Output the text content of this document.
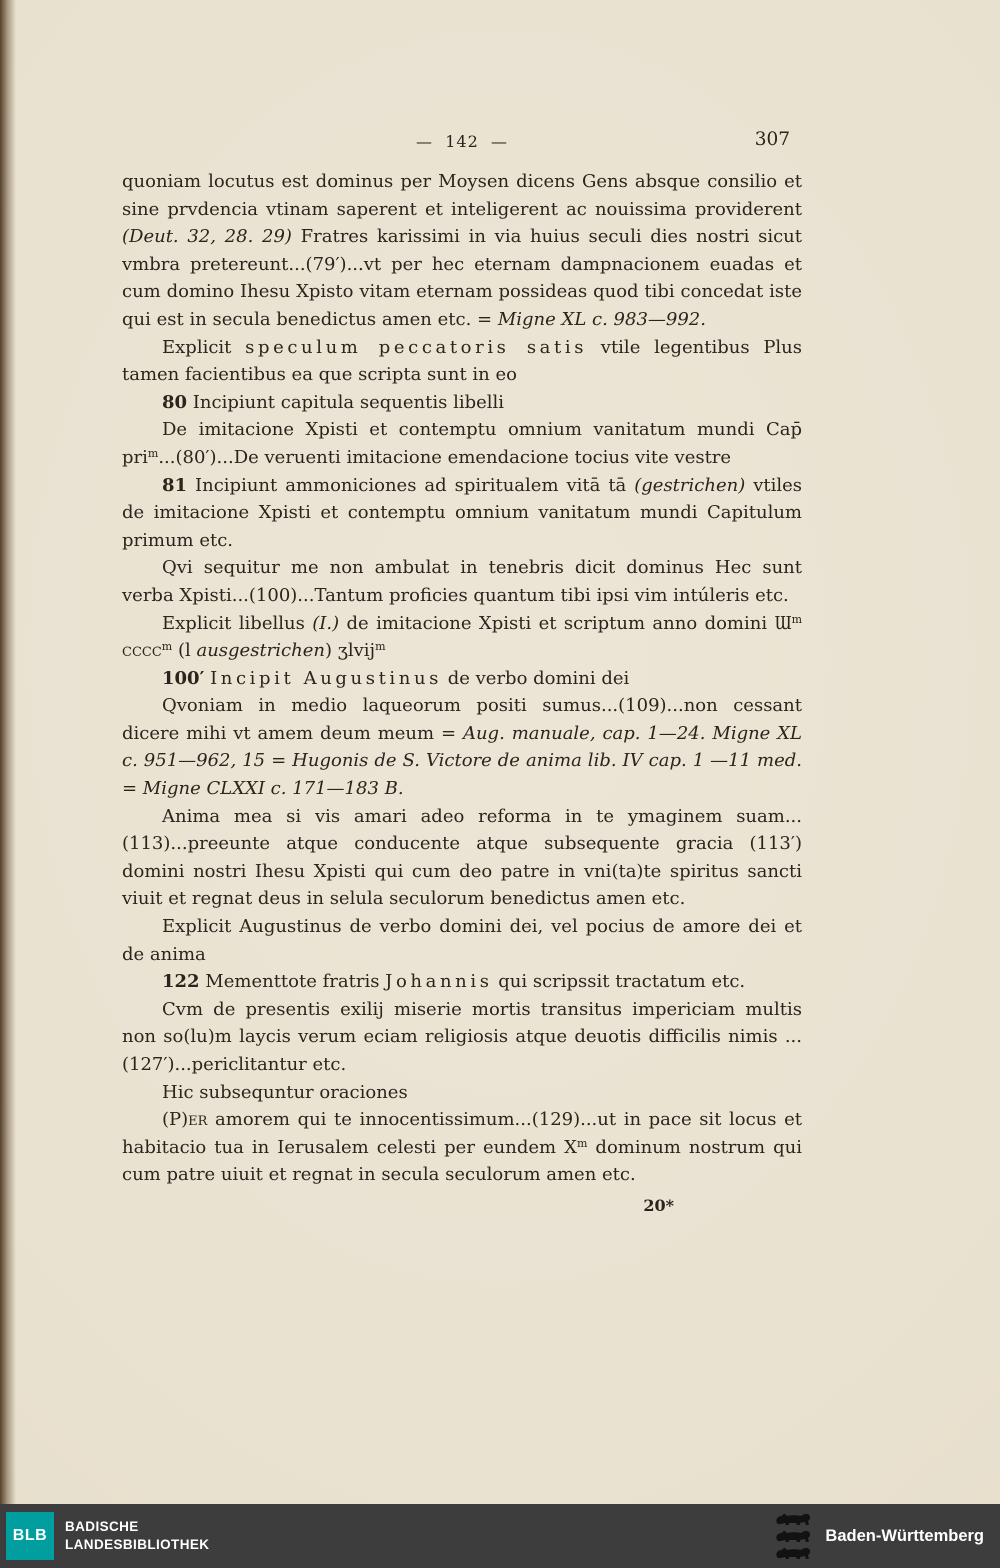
—  142  —	307

quoniam locutus est dominus per Moysen dicens Gens absque consilio et sine prvdencia vtinam saperent et inteligerent ac nouissima providerent (Deut. 32, 28. 29) Fratres karissimi in via huius seculi dies nostri sicut vmbra pretereunt...(79′)...vt per hec eternam dampnacionem euadas et cum domino Ihesu Xpisto vitam eternam possideas quod tibi concedat iste qui est in secula benedictus amen etc. = Migne XL c. 983—992.

Explicit speculum peccatoris satis vtile legentibus Plus tamen facientibus ea que scripta sunt in eo

80 Incipiunt capitula sequentis libelli

De imitacione Xpisti et contemptu omnium vanitatum mundi Cap̄ pri$^m$...(80′)...De veruenti imitacione emendacione tocius vite vestre

81 Incipiunt ammoniciones ad spiritualem vitā tā (gestrichen) vtiles de imitacione Xpisti et contemptu omnium vanitatum mundi Capitulum primum etc.

Qvi sequitur me non ambulat in tenebris dicit dominus Hec sunt verba Xpisti...(100)...Tantum proficies quantum tibi ipsi vim intúleris etc.

Explicit libellus (I.) de imitacione Xpisti et scriptum anno domini $Ɯ^m$ cccc$^m$ (l ausgestrichen) ʒlvij$^m$

100′ Incipit Augustinus de verbo domini dei

Qvoniam in medio laqueorum positi sumus...(109)...non cessant dicere mihi vt amem deum meum = Aug. manuale, cap. 1—24. Migne XL c. 951—962, 15 = Hugonis de S. Victore de anima lib. IV cap. 1 —11 med. = Migne CLXXI c. 171—183 B.

Anima mea si vis amari adeo reforma in te ymaginem suam... (113)...preeunte atque conducente atque subsequente gracia (113′) domini nostri Ihesu Xpisti qui cum deo patre in vni(ta)te spiritus sancti viuit et regnat deus in selula seculorum benedictus amen etc.

Explicit Augustinus de verbo domini dei, vel pocius de amore dei et de anima

122 Mementtote fratris Johannis qui scripssit tractatum etc.

Cvm de presentis exilij miserie mortis transitus impericiam multis non so(lu)m laycis verum eciam religiosis atque deuotis difficilis nimis ...(127′)...periclitantur etc.

Hic subsequntur oraciones

(P)er amorem qui te innocentissimum...(129)...ut in pace sit locus et habitacio tua in Ierusalem celesti per eundem $X^m$ dominum nostrum qui cum patre uiuit et regnat in secula seculorum amen etc.

20*
BLB
BADISCHE
LANDESBIBLIOTHEK	Baden-Württemberg
